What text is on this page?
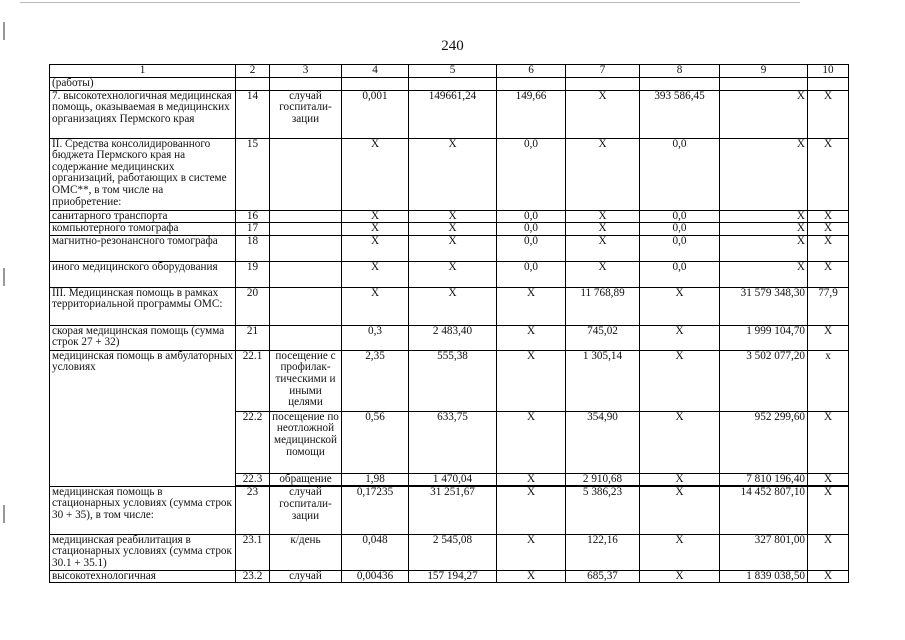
240
1	2	3	4	5	6	7	8	9	10
(работы)									
7. высокотехнологичная медицинская помощь, оказываемая в медицинских организациях Пермского края	14	случай госпитали-зации	0,001	149661,24	149,66	X	393 586,45	X	X
II. Средства консолидированного бюджета Пермского края на содержание медицинских организаций, работающих в системе ОМС**, в том числе на приобретение:	15		X	X	0,0	X	0,0	X	X
санитарного транспорта	16		X	X	0,0	X	0,0	X	X
компьютерного томографа	17		X	X	0,0	X	0,0	X	X
магнитно-резонансного томографа	18		X	X	0,0	X	0,0	X	X
иного медицинского оборудования	19		X	X	0,0	X	0,0	X	X
III. Медицинская помощь в рамках территориальной программы ОМС:	20		X	X	X	11 768,89	X	31 579 348,30	77,9
скорая медицинская помощь (сумма строк 27 + 32)	21		0,3	2 483,40	X	745,02	X	1 999 104,70	X
медицинская помощь в амбулаторных условиях	22.1	посещение с профилак-тическими и иными целями	2,35	555,38	X	1 305,14	X	3 502 077,20	x
	22.2	посещение по неотложной медицинской помощи	0,56	633,75	X	354,90	X	952 299,60	X
	22.3	обращение	1,98	1 470,04	X	2 910,68	X	7 810 196,40	X
медицинская помощь в стационарных условиях (сумма строк 30 + 35), в том числе:	23	случай госпитали-зации	0,17235	31 251,67	X	5 386,23	X	14 452 807,10	X
медицинская реабилитация в стационарных условиях (сумма строк 30.1 + 35.1)	23.1	к/день	0,048	2 545,08	X	122,16	X	327 801,00	X
высокотехнологичная	23.2	случай	0,00436	157 194,27	X	685,37	X	1 839 038,50	X
